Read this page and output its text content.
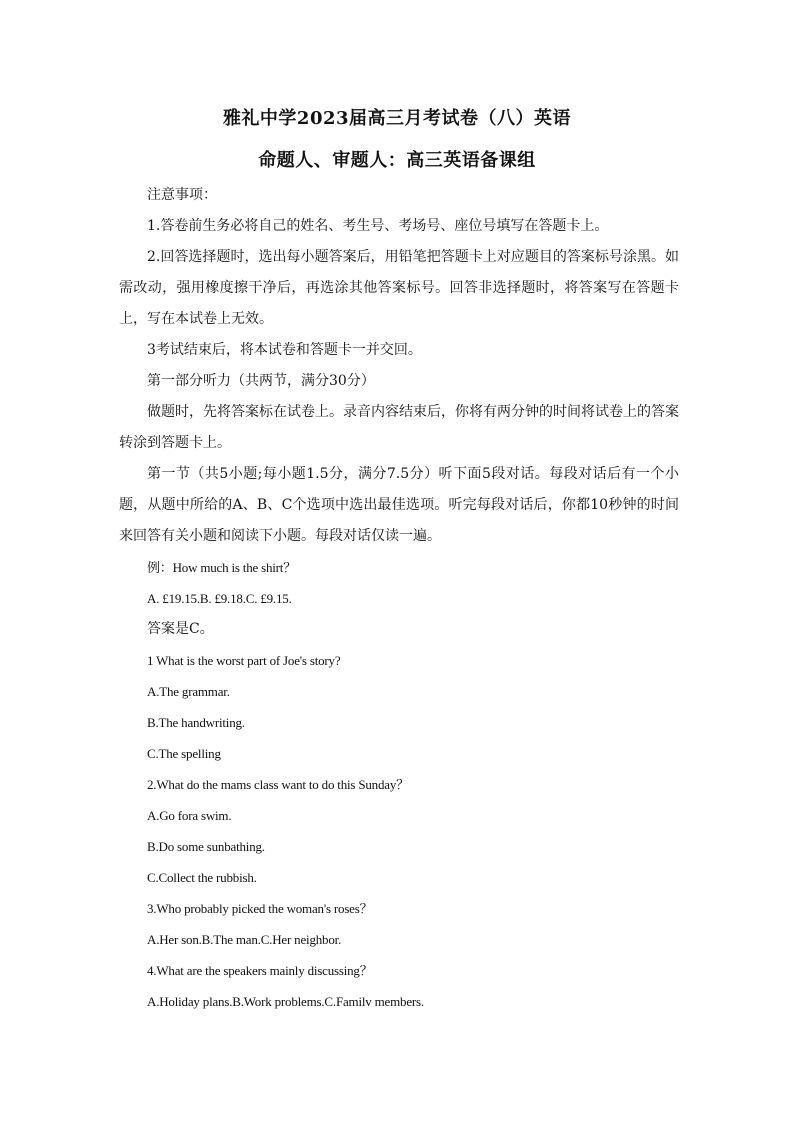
雅礼中学2023届高三月考试卷（八）英语
命题人、审题人：高三英语备课组

注意事项：

1.答卷前生务必将自己的姓名、考生号、考场号、座位号填写在答题卡上。

2.回答选择题时，选出每小题答案后，用铅笔把答题卡上对应题目的答案标号涂黑。如需改动，强用橡度擦干净后，再选涂其他答案标号。回答非选择题时，将答案写在答题卡上，写在本试卷上无效。

3考试结束后，将本试卷和答题卡一并交回。

第一部分听力（共两节，满分30分）

做题时，先将答案标在试卷上。录音内容结束后，你将有两分钟的时间将试卷上的答案转涂到答题卡上。

第一节（共5小题;每小题1.5分，满分7.5分）听下面5段对话。每段对话后有一个小题，从题中所给的A、B、C个选项中选出最佳选项。听完每段对话后，你都10秒钟的时间来回答有关小题和阅读下小题。每段对话仅读一遍。

例：How much is the shirt？

A. £19.15.B. £9.18.C. £9.15.

答案是C。

1 What is the worst part of Joe's story?

A.The grammar.

B.The handwriting.

C.The spelling

2.What do the mams class want to do this Sunday？

A.Go fora swim.

B.Do some sunbathing.

C.Collect the rubbish.

3.Who probably picked the woman's roses？

A.Her son.B.The man.C.Her neighbor.

4.What are the speakers mainly discussing？

A.Holiday plans.B.Work problems.C.Familv members.
